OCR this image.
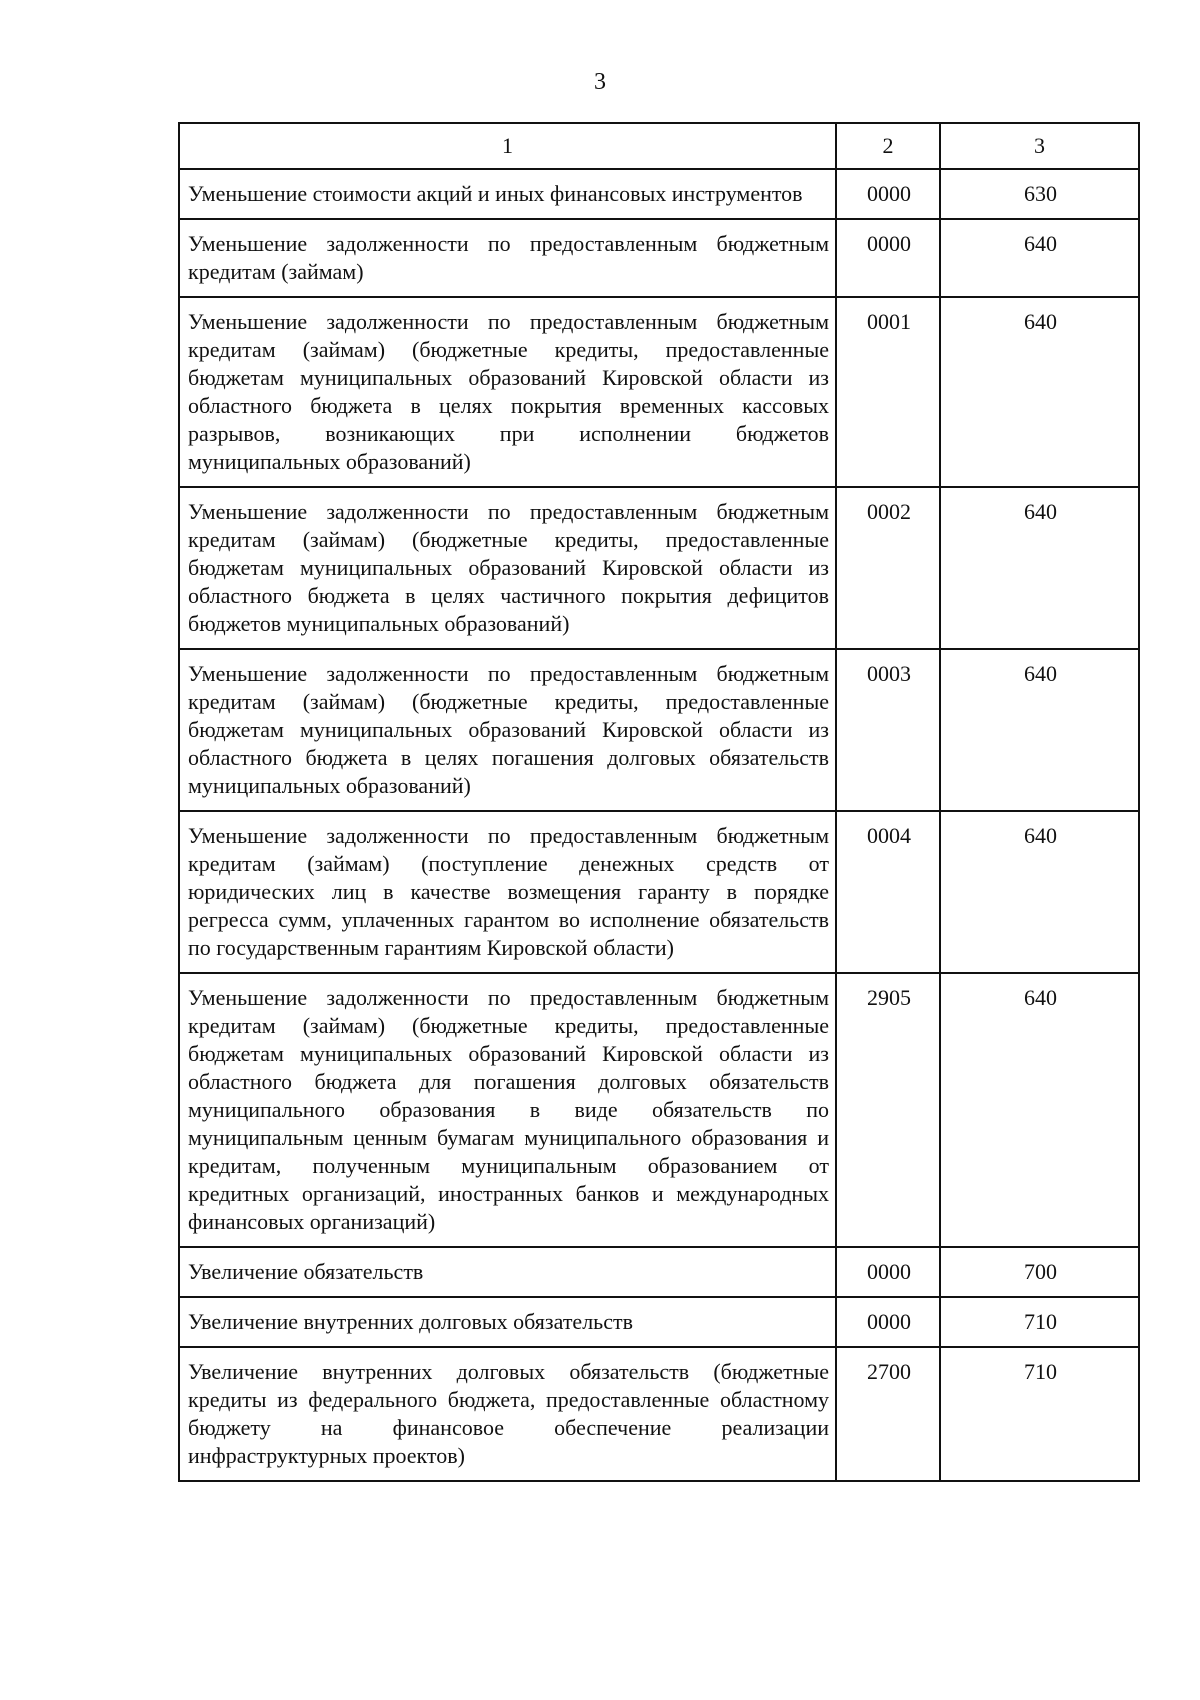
3
1	2	3
Уменьшение стоимости акций и иных финансовых инструментов	0000	630
Уменьшение задолженности по предоставленным бюджетным кредитам (займам)	0000	640
Уменьшение задолженности по предоставленным бюджетным кредитам (займам) (бюджетные кредиты, предоставленные бюджетам муниципальных образований Кировской области из областного бюджета в целях покрытия временных кассовых разрывов, возникающих при исполнении бюджетов муниципальных образований)	0001	640
Уменьшение задолженности по предоставленным бюджетным кредитам (займам) (бюджетные кредиты, предоставленные бюджетам муниципальных образований Кировской области из областного бюджета в целях частичного покрытия дефицитов бюджетов муниципальных образований)	0002	640
Уменьшение задолженности по предоставленным бюджетным кредитам (займам) (бюджетные кредиты, предоставленные бюджетам муниципальных образований Кировской области из областного бюджета в целях погашения долговых обязательств муниципальных образований)	0003	640
Уменьшение задолженности по предоставленным бюджетным кредитам (займам) (поступление денежных средств от юридических лиц в качестве возмещения гаранту в порядке регресса сумм, уплаченных гарантом во исполнение обязательств по государственным гарантиям Кировской области)	0004	640
Уменьшение задолженности по предоставленным бюджетным кредитам (займам) (бюджетные кредиты, предоставленные бюджетам муниципальных образований Кировской области из областного бюджета для погашения долговых обязательств муниципального образования в виде обязательств по муниципальным ценным бумагам муниципального образования и кредитам, полученным муниципальным образованием от кредитных организаций, иностранных банков и международных финансовых организаций)	2905	640
Увеличение обязательств	0000	700
Увеличение внутренних долговых обязательств	0000	710
Увеличение внутренних долговых обязательств (бюджетные кредиты из федерального бюджета, предоставленные областному бюджету на финансовое обеспечение реализации инфраструктурных проектов)	2700	710
